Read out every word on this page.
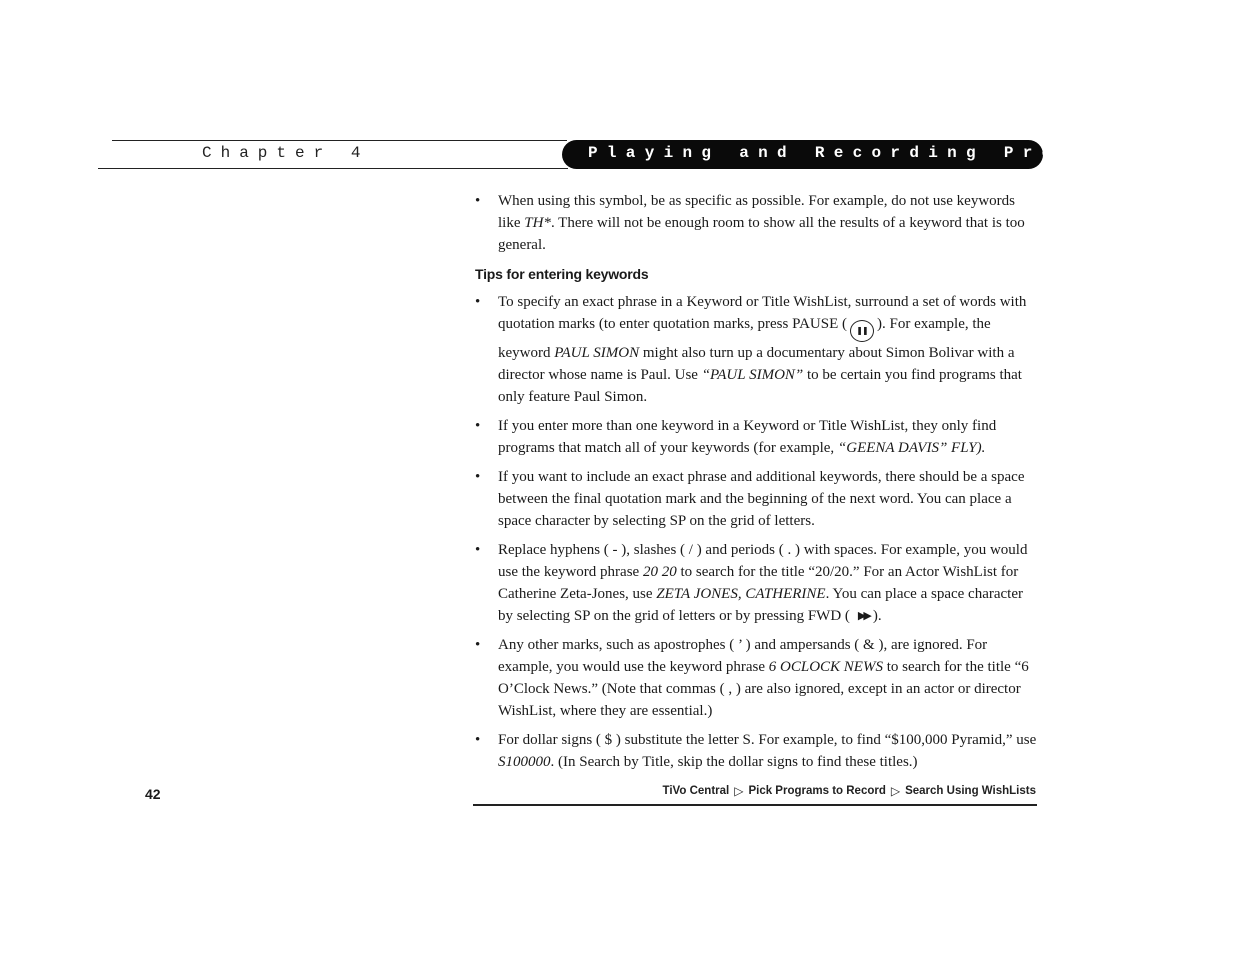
Chapter 4	Playing and Recording Programs
•	When using this symbol, be as specific as possible. For example, do not use keywords like TH*. There will not be enough room to show all the results of a keyword that is too general.
Tips for entering keywords
•	To specify an exact phrase in a Keyword or Title WishList, surround a set of words with quotation marks (to enter quotation marks, press PAUSE ( ❚❚ ). For example, the keyword PAUL SIMON might also turn up a documentary about Simon Bolivar with a director whose name is Paul. Use “PAUL SIMON” to be certain you find programs that only feature Paul Simon.
•	If you enter more than one keyword in a Keyword or Title WishList, they only find programs that match all of your keywords (for example, “GEENA DAVIS” FLY).
•	If you want to include an exact phrase and additional keywords, there should be a space between the final quotation mark and the beginning of the next word. You can place a space character by selecting SP on the grid of letters.
•	Replace hyphens ( - ), slashes ( / ) and periods ( . ) with spaces. For example, you would use the keyword phrase 20 20 to search for the title “20/20.” For an Actor WishList for Catherine Zeta-Jones, use ZETA JONES, CATHERINE. You can place a space character by selecting SP on the grid of letters or by pressing FWD ( ▶▶ ).
•	Any other marks, such as apostrophes ( ’ ) and ampersands ( & ), are ignored. For example, you would use the keyword phrase 6 OCLOCK NEWS to search for the title “6 O’Clock News.” (Note that commas ( , ) are also ignored, except in an actor or director WishList, where they are essential.)
•	For dollar signs ( $ ) substitute the letter S. For example, to find “$100,000 Pyramid,” use S100000. (In Search by Title, skip the dollar signs to find these titles.)
42	TiVo Central ▷ Pick Programs to Record ▷ Search Using WishLists
